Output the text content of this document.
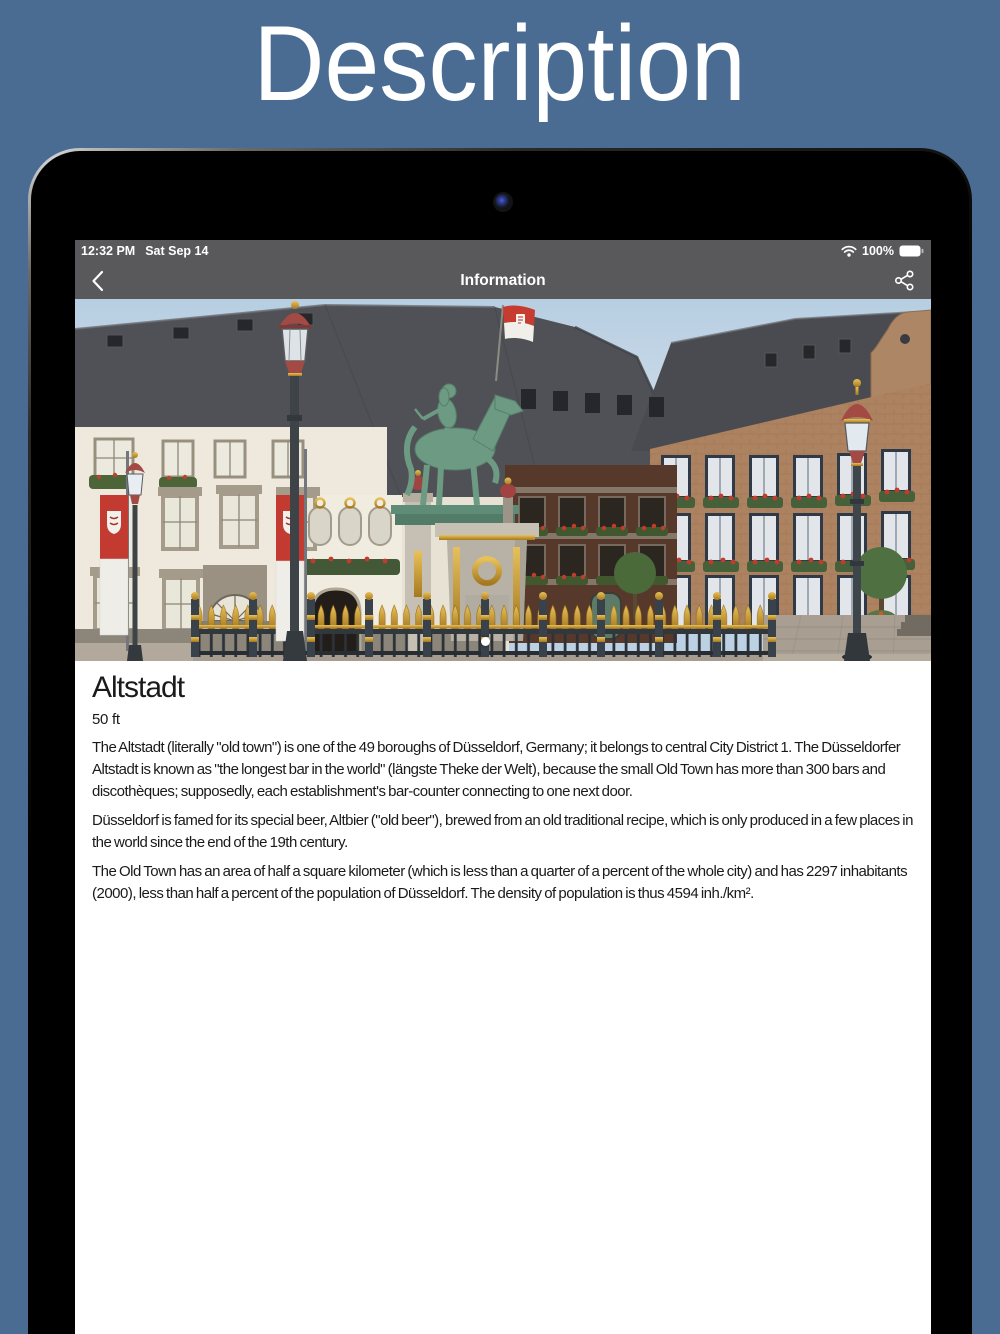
Description
12:32 PM Sat Sep 14	100%
Information
Altstadt
50 ft

The Altstadt (literally "old town") is one of the 49 boroughs of Düsseldorf, Germany; it belongs to central City District 1. The Düsseldorfer Altstadt is known as "the longest bar in the world" (längste Theke der Welt), because the small Old Town has more than 300 bars and discothèques; supposedly, each establishment's bar-counter connecting to one next door.

Düsseldorf is famed for its special beer, Altbier ("old beer"), brewed from an old traditional recipe, which is only produced in a few places in the world since the end of the 19th century.

The Old Town has an area of half a square kilometer (which is less than a quarter of a percent of the whole city) and has 2297 inhabitants (2000), less than half a percent of the population of Düsseldorf. The density of population is thus 4594 inh./km².
